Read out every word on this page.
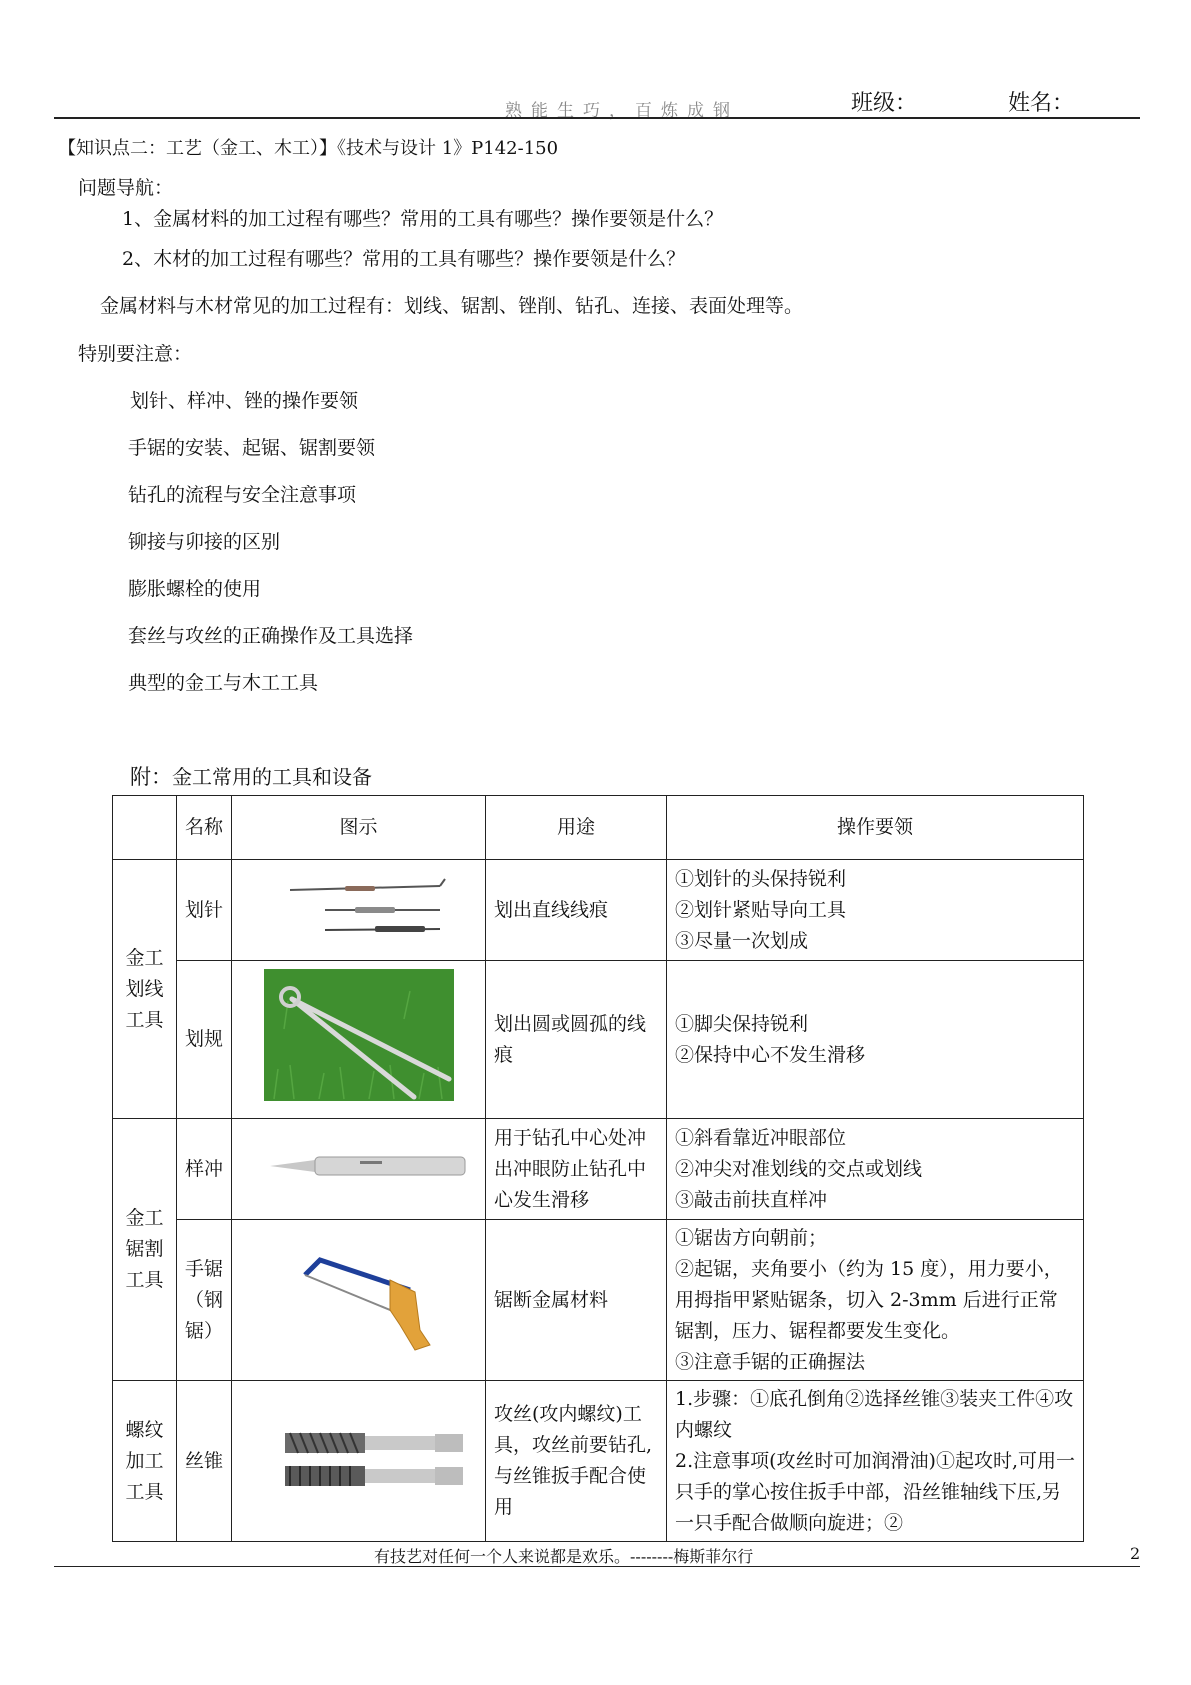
熟能生巧，百炼成钢	班级：	姓名：
【知识点二：工艺（金工、木工）】《技术与设计 1》P142-150
问题导航：
1、金属材料的加工过程有哪些？常用的工具有哪些？操作要领是什么？
2、木材的加工过程有哪些？常用的工具有哪些？操作要领是什么？
金属材料与木材常见的加工过程有：划线、锯割、锉削、钻孔、连接、表面处理等。
特别要注意：
划针、样冲、锉的操作要领
手锯的安装、起锯、锯割要领
钻孔的流程与安全注意事项
铆接与卯接的区别
膨胀螺栓的使用
套丝与攻丝的正确操作及工具选择
典型的金工与木工工具
附：金工常用的工具和设备
	名称	图示	用途	操作要领
金工划线工具	划针		划出直线线痕	①划针的头保持锐利
②划针紧贴导向工具
③尽量一次划成

	划规		划出圆或圆孤的线痕	①脚尖保持锐利
②保持中心不发生滑移

金工锯割工具	样冲		用于钻孔中心处冲出冲眼防止钻孔中心发生滑移	①斜看靠近冲眼部位
②冲尖对准划线的交点或划线
③敲击前扶直样冲

	手锯（钢锯）		锯断金属材料	①锯齿方向朝前；
②起锯，夹角要小（约为 15 度），用力要小，用拇指甲紧贴锯条，切入 2-3mm 后进行正常锯割，压力、锯程都要发生变化。
③注意手锯的正确握法

螺纹加工工具	丝锥		攻丝(攻内螺纹)工具，攻丝前要钻孔,与丝锥扳手配合使用	1.步骤：①底孔倒角②选择丝锥③装夹工件④攻内螺纹
2.注意事项(攻丝时可加润滑油)①起攻时,可用一只手的掌心按住扳手中部，沿丝锥轴线下压,另一只手配合做顺向旋进；②
有技艺对任何一个人来说都是欢乐。--------梅斯菲尔行	2
